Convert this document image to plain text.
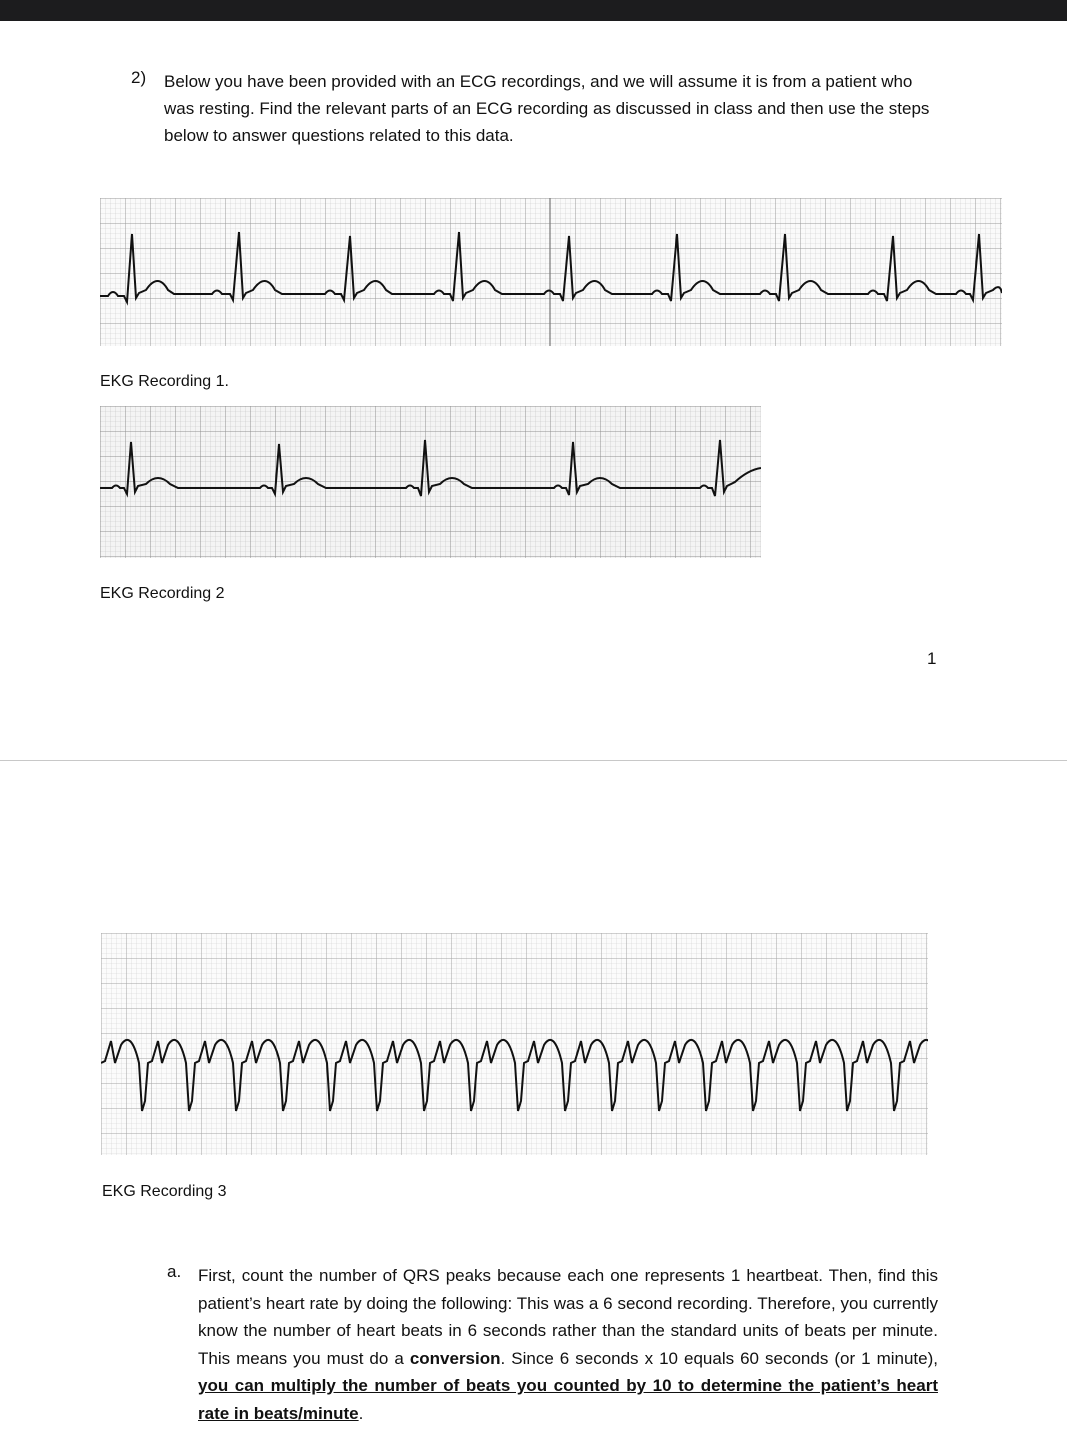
2) Below you have been provided with an ECG recordings, and we will assume it is from a patient who was resting. Find the relevant parts of an ECG recording as discussed in class and then use the steps below to answer questions related to this data.
EKG Recording 1.
EKG Recording 2
1
EKG Recording 3
a. First, count the number of QRS peaks because each one represents 1 heartbeat. Then, find this patient’s heart rate by doing the following: This was a 6 second recording. Therefore, you currently know the number of heart beats in 6 seconds rather than the standard units of beats per minute. This means you must do a conversion. Since 6 seconds x 10 equals 60 seconds (or 1 minute), you can multiply the number of beats you counted by 10 to determine the patient’s heart rate in beats/minute.
